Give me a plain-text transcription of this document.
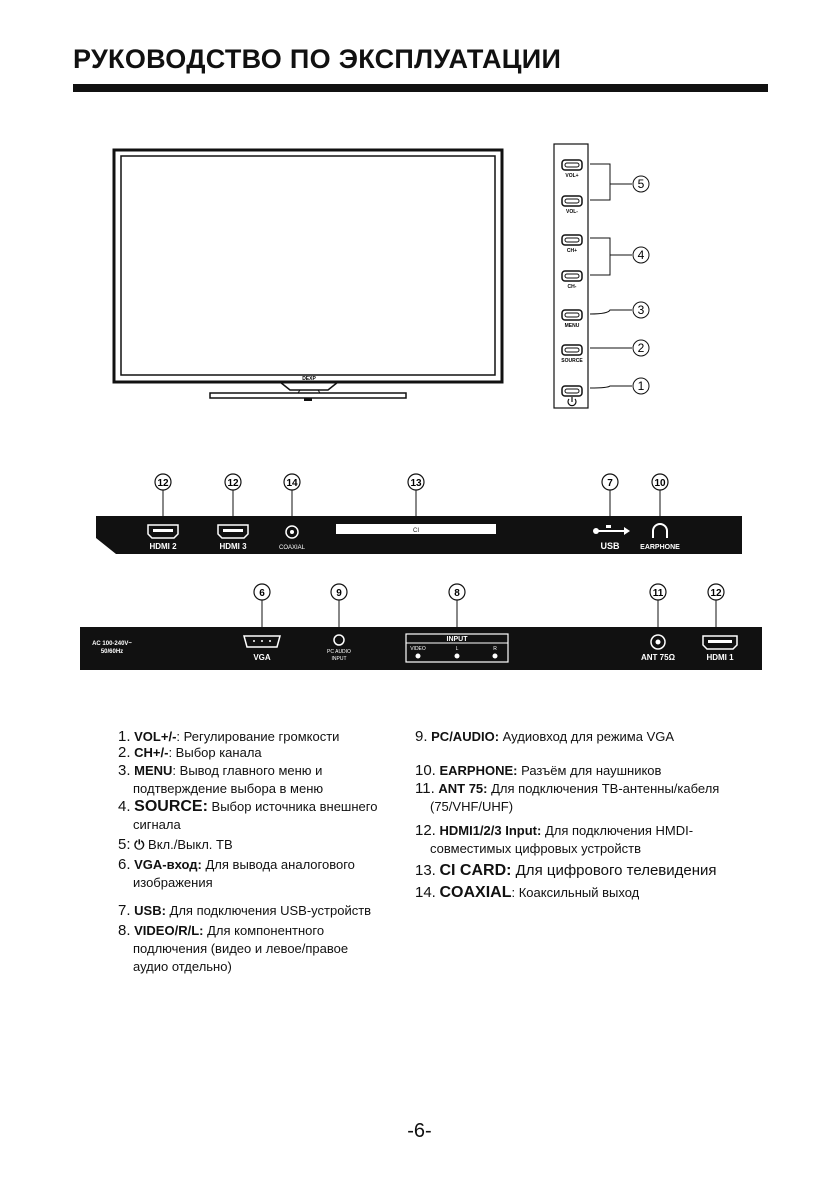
РУКОВОДСТВО ПО ЭКСПЛУАТАЦИИ
DEXP
VOL+
VOL-
CH+
CH-
MENU
SOURCE
5
4
3
2
1
HDMI 2	HDMI 3	COAXIAL
CI
USB	EARPHONE
12	12	14	13	7	10
AC 100-240V~
50/60Hz
VGA
PC AUDIO
INPUT
INPUT
VIDEO	L	R
ANT 75Ω	HDMI 1
6	9	8	11	12
1. VOL+/-: Регулирование громкости
2. CH+/-: Выбор канала
3. MENU: Вывод главного меню и
подтверждение выбора в меню
4. SOURCE: Выбор источника внешнего
сигнала
5: ⏻ Вкл./Выкл. ТВ
6. VGA-вход: Для вывода аналогового
изображения
7. USB: Для подключения USB-устройств
8. VIDEO/R/L: Для компонентного
подлючения (видео и левое/правое
аудио отдельно)
9. PC/AUDIO: Аудиовход для режима VGA
10. EARPHONE: Разъём для наушников
11. ANT 75: Для подключения ТВ-антенны/кабеля
(75/VHF/UHF)
12. HDMI1/2/3 Input: Для подключения HMDI-
совместимых цифровых устройств
13. CI CARD: Для цифрового телевидения
14. COAXIAL: Коаксильный выход
-6-
